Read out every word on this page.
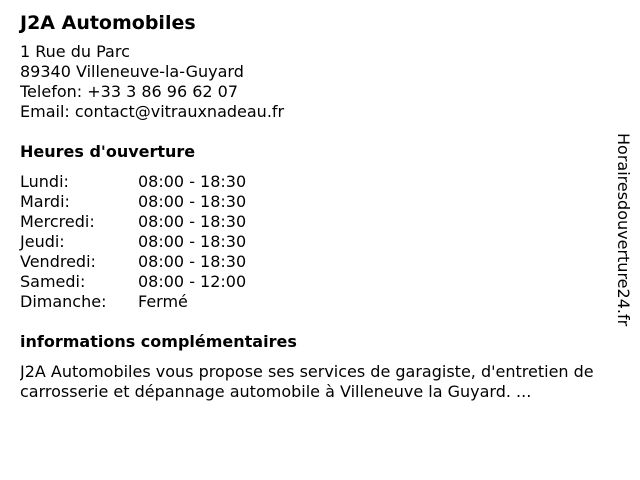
J2A Automobiles
1 Rue du Parc
89340 Villeneuve-la-Guyard
Telefon: +33 3 86 96 62 07
Email: contact@vitrauxnadeau.fr
Heures d'ouverture
Lundi:	08:00 - 18:30
Mardi:	08:00 - 18:30
Mercredi:	08:00 - 18:30
Jeudi:	08:00 - 18:30
Vendredi:	08:00 - 18:30
Samedi:	08:00 - 12:00
Dimanche:	Fermé
informations complémentaires
J2A Automobiles vous propose ses services de garagiste, d'entretien de carrosserie et dépannage automobile à Villeneuve la Guyard. ...
Horairesdouverture24.fr
